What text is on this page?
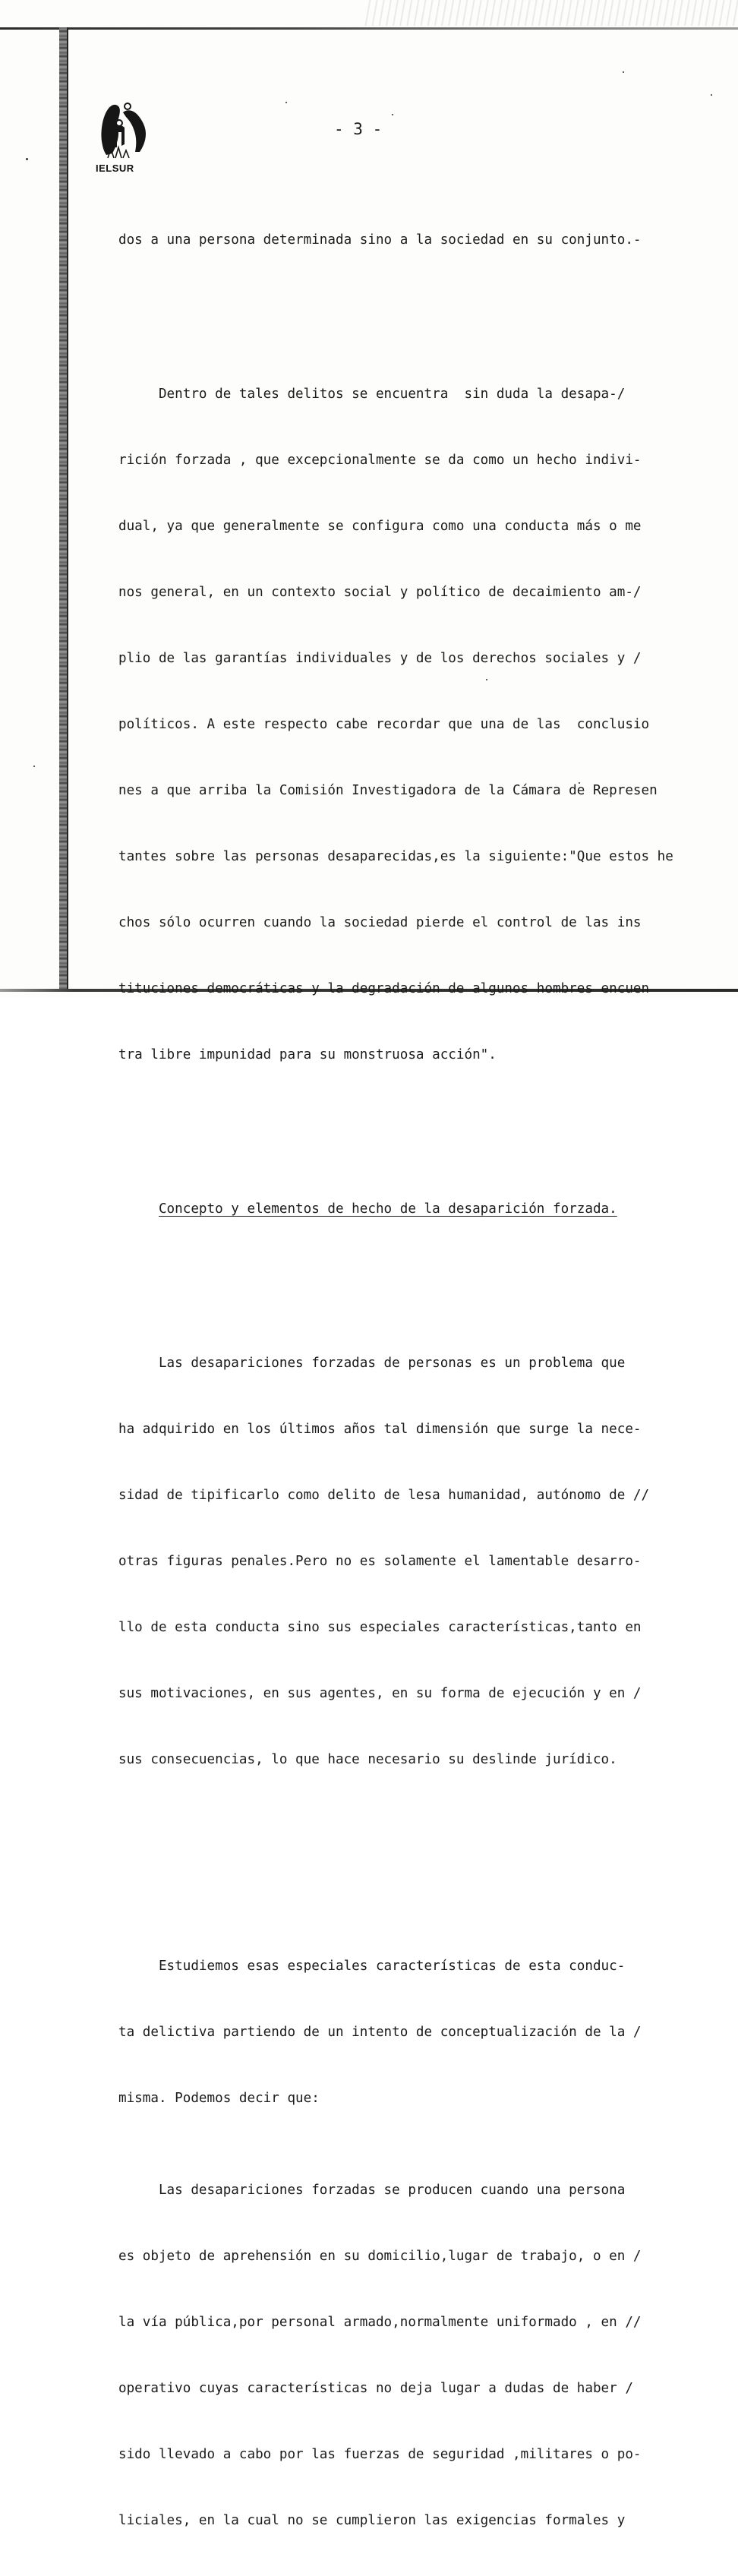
IELSUR
- 3 -

dos a una persona determinada sino a la sociedad en su conjunto.-

Dentro de tales delitos se encuentra  sin duda la desapa-/

rición forzada , que excepcionalmente se da como un hecho indivi-

dual, ya que generalmente se configura como una conducta más o me

nos general, en un contexto social y político de decaimiento am-/

plio de las garantías individuales y de los derechos sociales y /

políticos. A este respecto cabe recordar que una de las  conclusio

nes a que arriba la Comisión Investigadora de la Cámara de Represen

tantes sobre las personas desaparecidas,es la siguiente:"Que estos he

chos sólo ocurren cuando la sociedad pierde el control de las ins

tituciones democráticas y la degradación de algunos hombres encuen

tra libre impunidad para su monstruosa acción".

Concepto y elementos de hecho de la desaparición forzada.

Las desapariciones forzadas de personas es un problema que

ha adquirido en los últimos años tal dimensión que surge la nece-

sidad de tipificarlo como delito de lesa humanidad, autónomo de //

otras figuras penales.Pero no es solamente el lamentable desarro-

llo de esta conducta sino sus especiales características,tanto en

sus motivaciones, en sus agentes, en su forma de ejecución y en /

sus consecuencias, lo que hace necesario su deslinde jurídico.

Estudiemos esas especiales características de esta conduc-

ta delictiva partiendo de un intento de conceptualización de la /

misma. Podemos decir que:

Las desapariciones forzadas se producen cuando una persona

es objeto de aprehensión en su domicilio,lugar de trabajo, o en /

la vía pública,por personal armado,normalmente uniformado , en //

operativo cuyas características no deja lugar a dudas de haber /

sido llevado a cabo por las fuerzas de seguridad ,militares o po-

liciales, en la cual no se cumplieron las exigencias formales y
